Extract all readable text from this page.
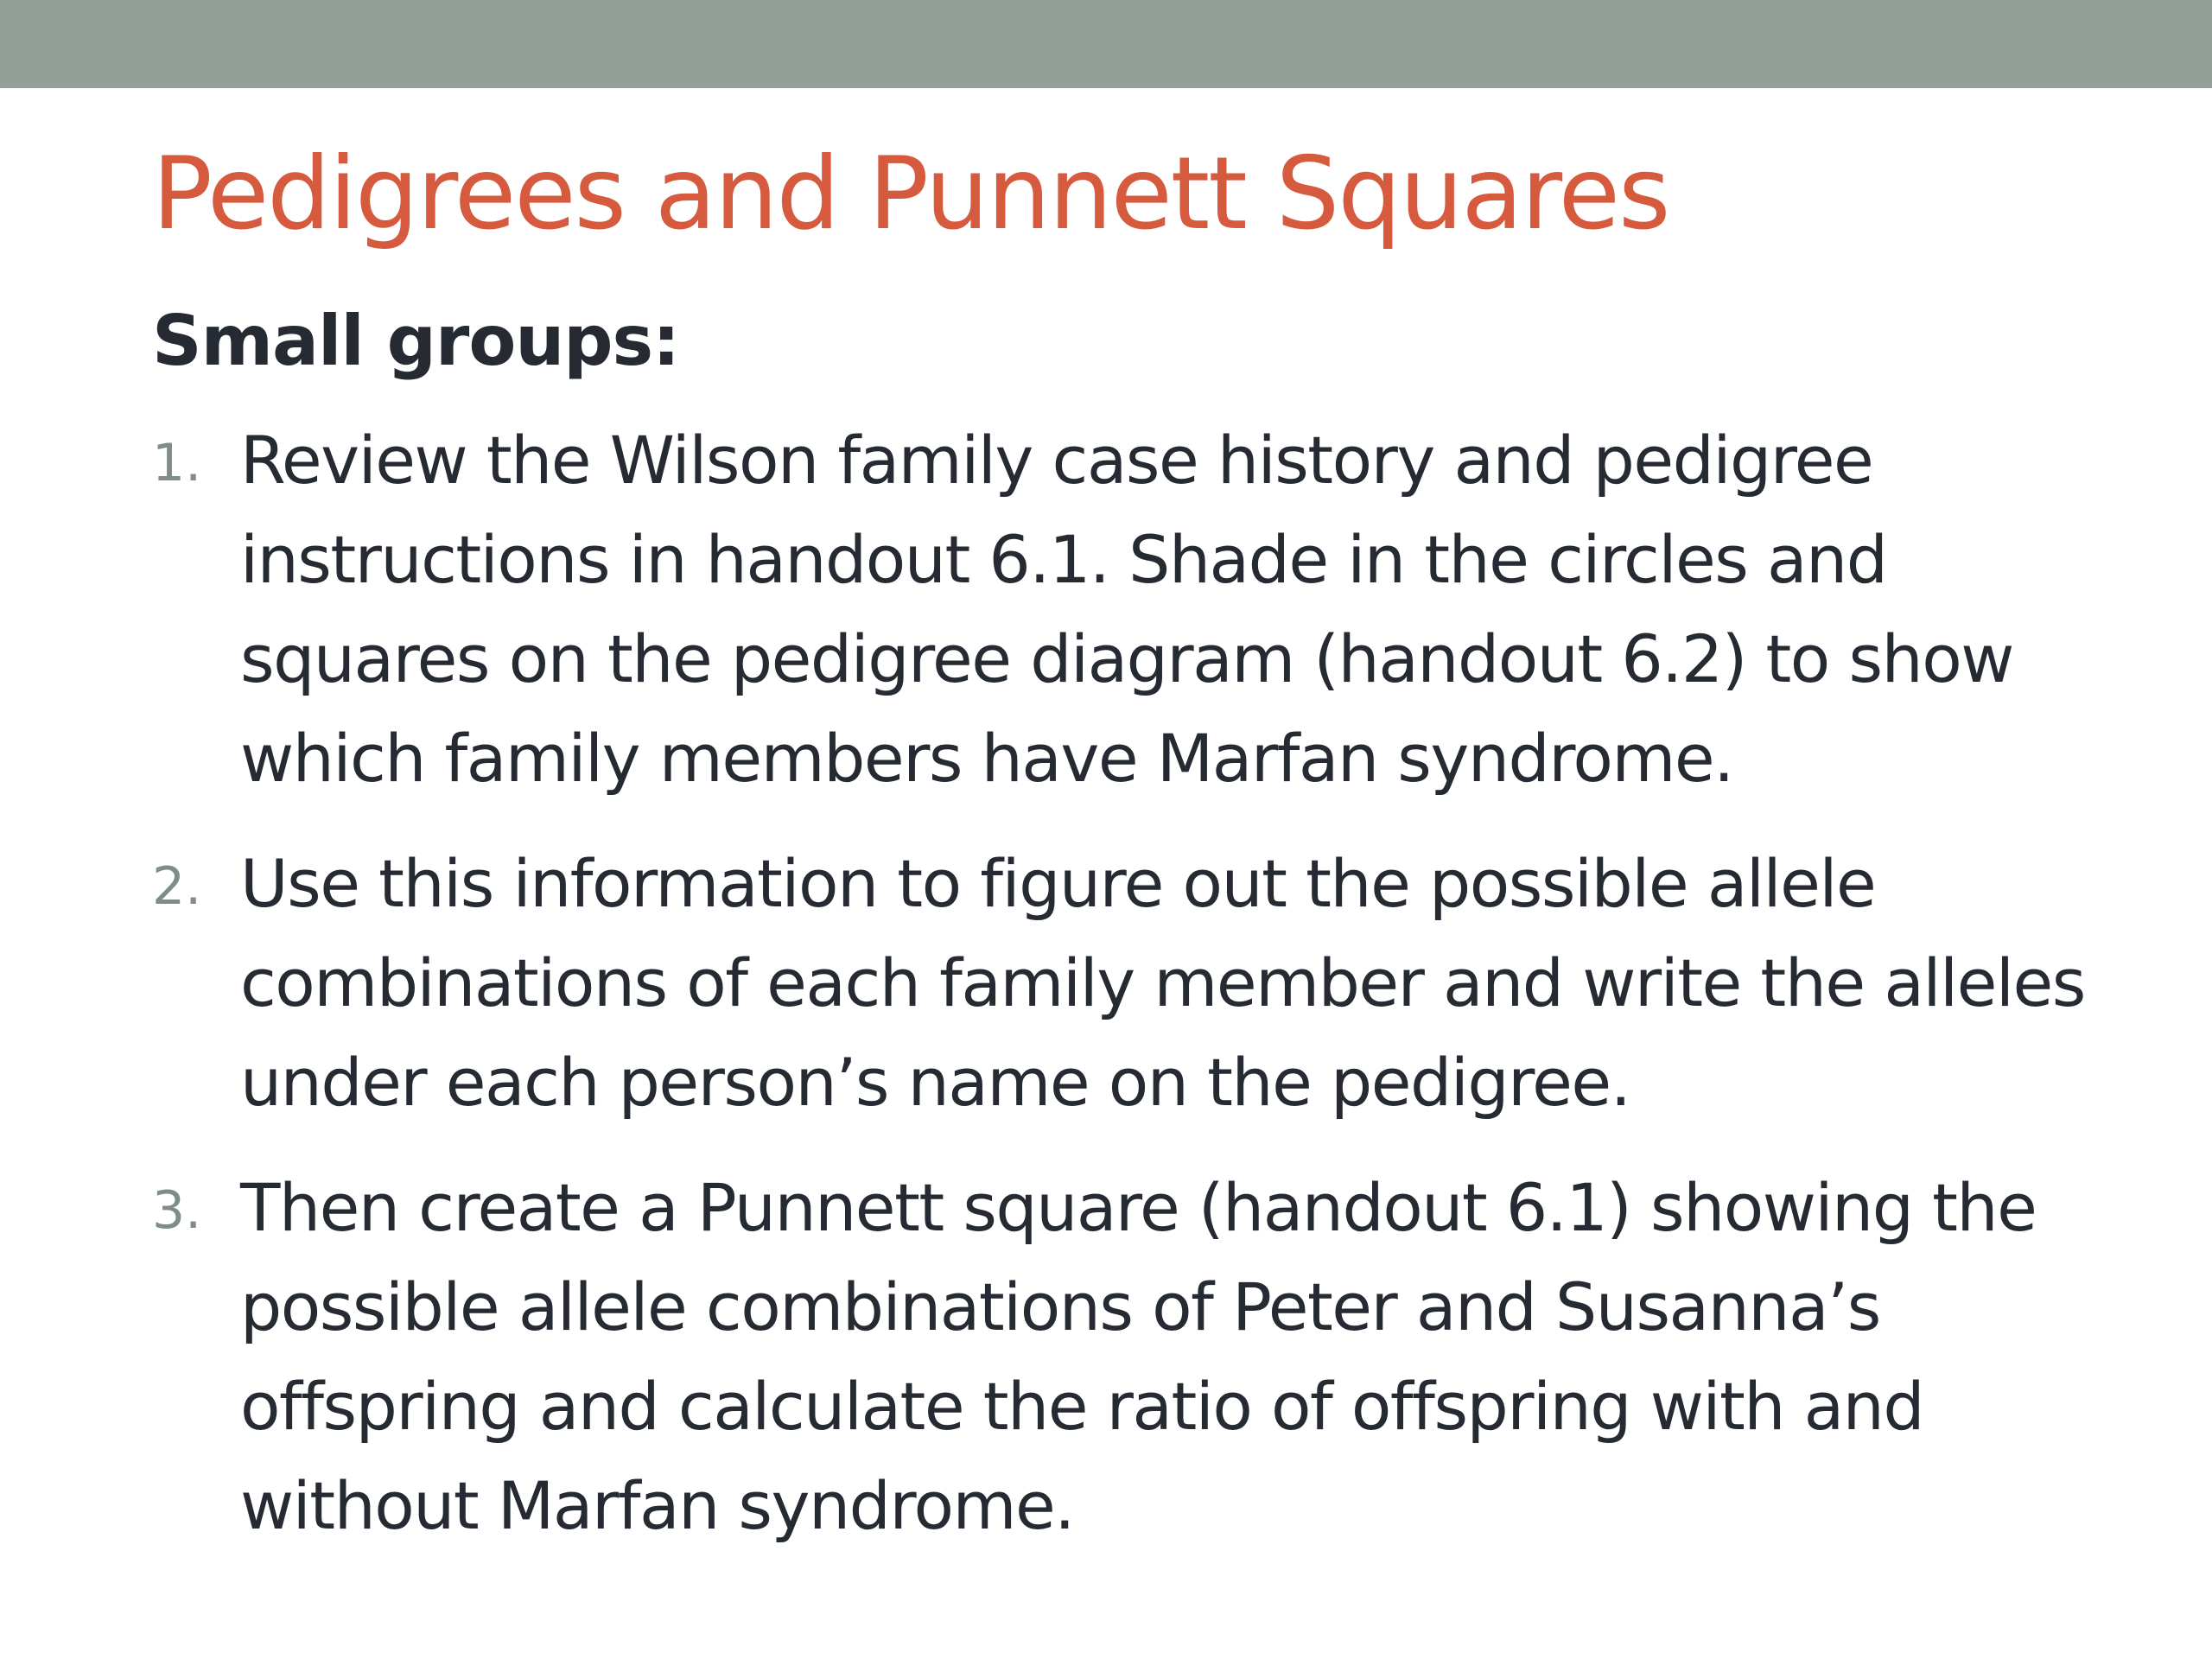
Pedigrees and Punnett Squares
Small groups:
1. Review the Wilson family case history and pedigree instructions in handout 6.1. Shade in the circles and squares on the pedigree diagram (handout 6.2) to show which family members have Marfan syndrome.
2. Use this information to figure out the possible allele combinations of each family member and write the alleles under each person’s name on the pedigree.
3. Then create a Punnett square (handout 6.1) showing the possible allele combinations of Peter and Susanna’s offspring and calculate the ratio of offspring with and without Marfan syndrome.
